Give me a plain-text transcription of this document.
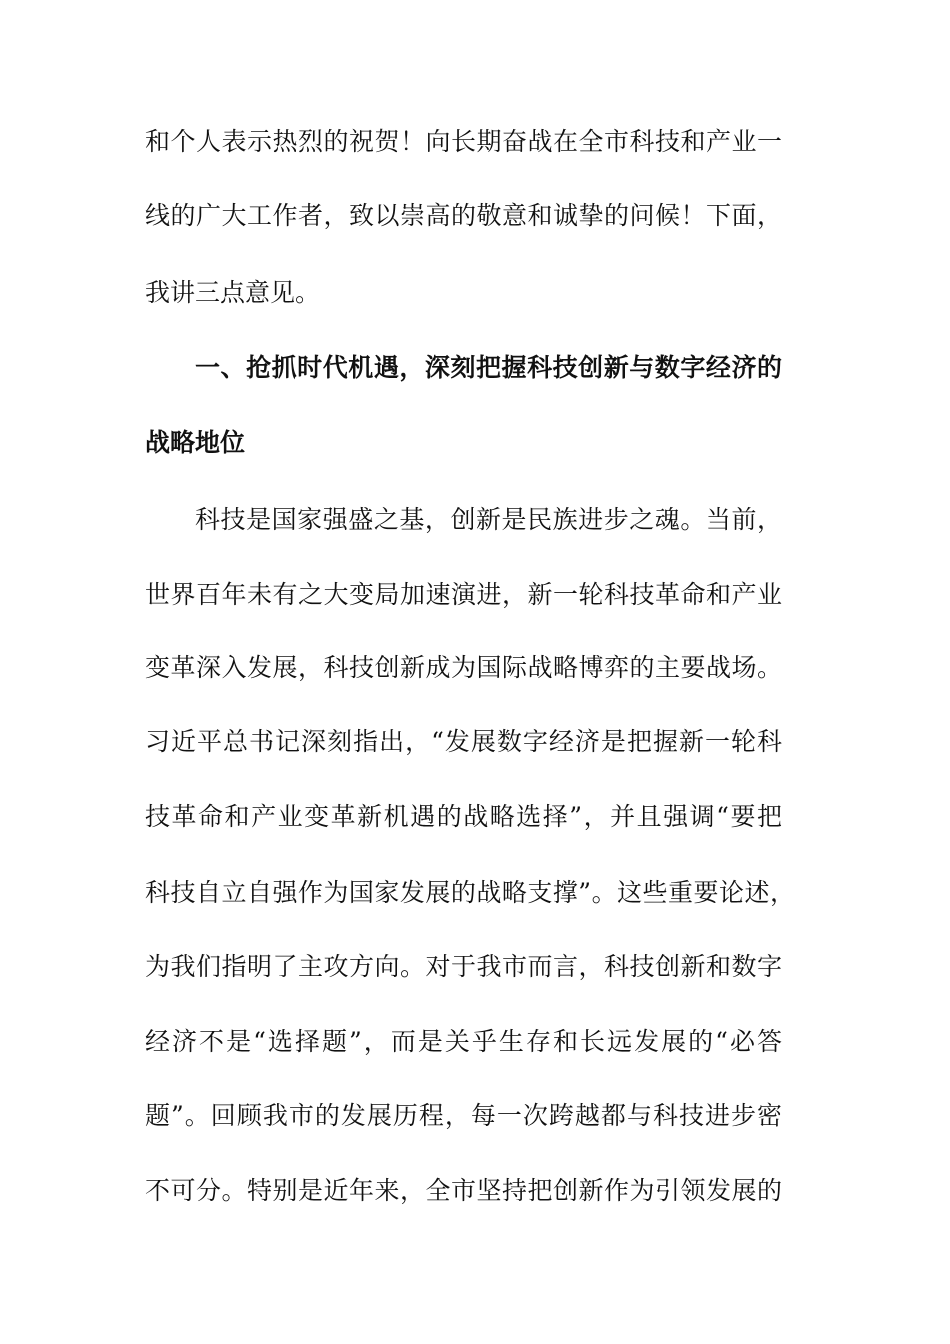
和个人表示热烈的祝贺！向长期奋战在全市科技和产业一
线的广大工作者，致以崇高的敬意和诚挚的问候！下面，
我讲三点意见。
一、抢抓时代机遇，深刻把握科技创新与数字经济的
战略地位
科技是国家强盛之基，创新是民族进步之魂。当前，
世界百年未有之大变局加速演进，新一轮科技革命和产业
变革深入发展，科技创新成为国际战略博弈的主要战场。
习近平总书记深刻指出，“发展数字经济是把握新一轮科
技革命和产业变革新机遇的战略选择”，并且强调“要把
科技自立自强作为国家发展的战略支撑”。这些重要论述，
为我们指明了主攻方向。对于我市而言，科技创新和数字
经济不是“选择题”，而是关乎生存和长远发展的“必答
题”。回顾我市的发展历程，每一次跨越都与科技进步密
不可分。特别是近年来，全市坚持把创新作为引领发展的
